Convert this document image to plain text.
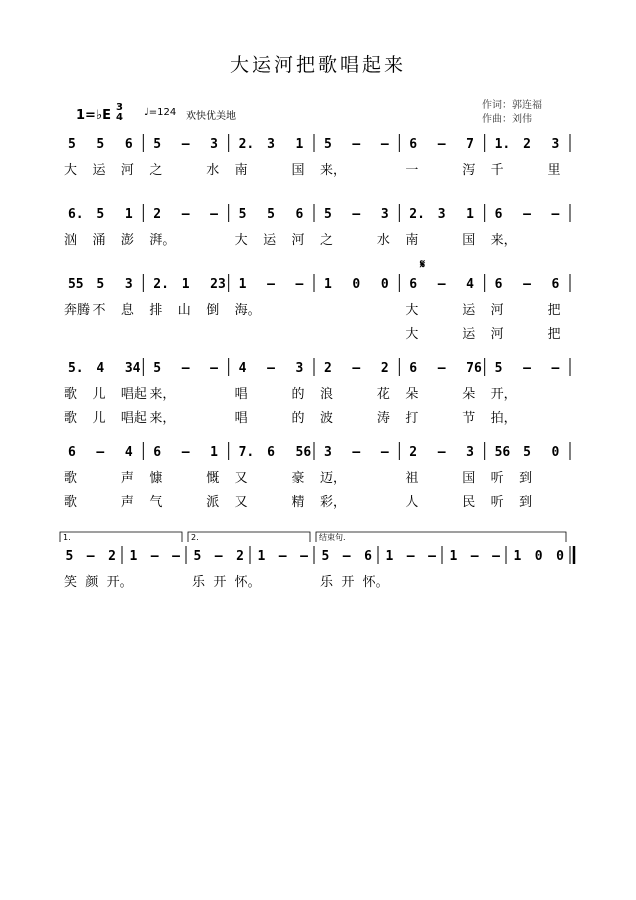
大运河把歌唱起来
1=♭E
3
4 ♩=124 欢快优美地
作词：郭连福
作曲：刘伟
5 5 6 5 – 3 2. 3 1 5 – – 6 – 7 1. 2 3
大 运 河 之	水 南	国 来，	一	泻 千	里
6. 5 1 2 – – 5 5 6 5 – 3 2. 3 1 6 – –
汹 涌 澎 湃。	大 运 河 之	水 南	国 来，
55 5 3 2. 1 23 1 – – 1 0 0 6 – 4 6 – 6
奔腾 不 息 排 山 倒 海。	大	运 河	把
大	运 河	把
5. 4 34 5 – – 4 – 3 2 – 2 6 – 76 5 – –
歌 儿 唱起 来，	唱	的 浪	花 朵	朵 开，
歌 儿 唱起 来，	唱	的 波	涛 打	节 拍，
6 – 4 6 – 1 7. 6 56 3 – – 2 – 3 56 5 0
歌	声 慷	慨 又	豪 迈，	祖	国 听 到
歌	声 气	派 又	精 彩，	人	民 听 到
1.	2.	结束句.
5 – 2 1 – – 5 – 2 1 – – 5 – 6 1 – – 1 – – 1 0 0
笑 颜 开。	乐 开 怀。	乐 开 怀。
𝄋
